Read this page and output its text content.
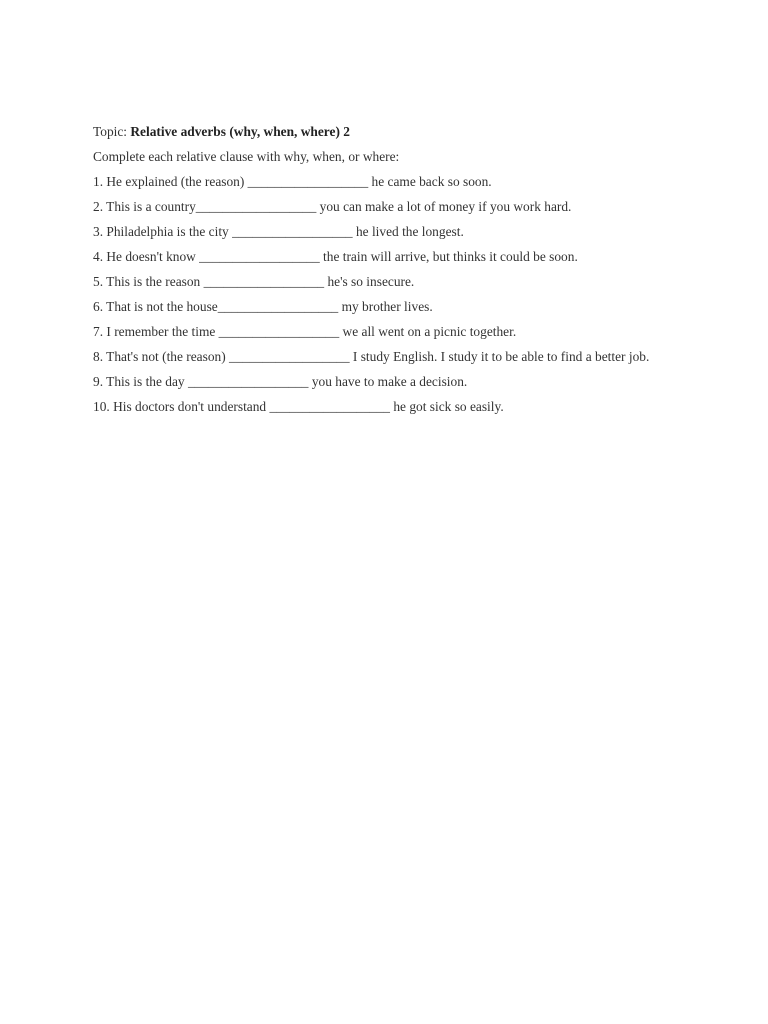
Topic: Relative adverbs (why, when, where) 2

Complete each relative clause with why, when, or where:

1. He explained (the reason) __________________ he came back so soon.

2. This is a country__________________ you can make a lot of money if you work hard.

3. Philadelphia is the city __________________ he lived the longest.

4. He doesn't know __________________ the train will arrive, but thinks it could be soon.

5. This is the reason __________________ he's so insecure.

6. That is not the house__________________ my brother lives.

7. I remember the time __________________ we all went on a picnic together.

8. That's not (the reason) __________________ I study English. I study it to be able to find a better job.

9. This is the day __________________ you have to make a decision.

10. His doctors don't understand __________________ he got sick so easily.
